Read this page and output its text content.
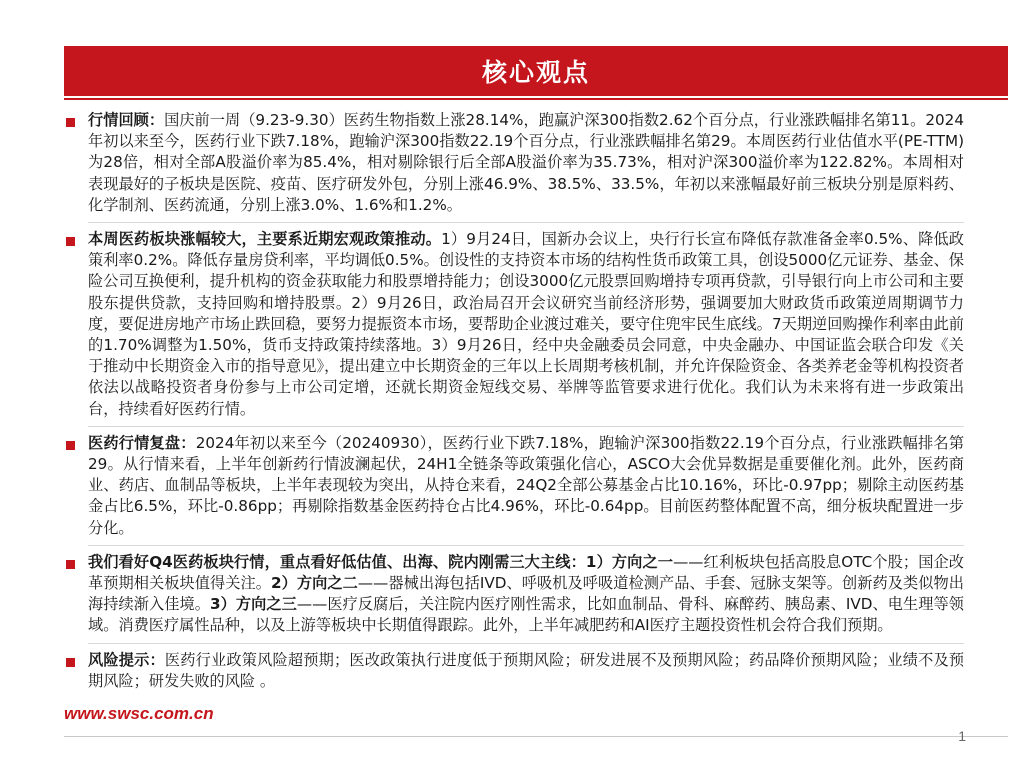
核心观点

行情回顾：国庆前一周（9.23-9.30）医药生物指数上涨28.14%，跑赢沪深300指数2.62个百分点，行业涨跌幅排名第11。2024年初以来至今，医药行业下跌7.18%，跑输沪深300指数22.19个百分点，行业涨跌幅排名第29。本周医药行业估值水平(PE-TTM)为28倍，相对全部A股溢价率为85.4%，相对剔除银行后全部A股溢价率为35.73%，相对沪深300溢价率为122.82%。本周相对表现最好的子板块是医院、疫苗、医疗研发外包，分别上涨46.9%、38.5%、33.5%，年初以来涨幅最好前三板块分别是原料药、化学制剂、医药流通，分别上涨3.0%、1.6%和1.2%。

本周医药板块涨幅较大，主要系近期宏观政策推动。1）9月24日，国新办会议上，央行行长宣布降低存款准备金率0.5%、降低政策利率0.2%。降低存量房贷利率，平均调低0.5%。创设性的支持资本市场的结构性货币政策工具，创设5000亿元证券、基金、保险公司互换便利，提升机构的资金获取能力和股票增持能力；创设3000亿元股票回购增持专项再贷款，引导银行向上市公司和主要股东提供贷款，支持回购和增持股票。2）9月26日，政治局召开会议研究当前经济形势，强调要加大财政货币政策逆周期调节力度，要促进房地产市场止跌回稳，要努力提振资本市场，要帮助企业渡过难关，要守住兜牢民生底线。7天期逆回购操作利率由此前的1.70%调整为1.50%，货币支持政策持续落地。3）9月26日，经中央金融委员会同意，中央金融办、中国证监会联合印发《关于推动中长期资金入市的指导意见》，提出建立中长期资金的三年以上长周期考核机制，并允许保险资金、各类养老金等机构投资者依法以战略投资者身份参与上市公司定增，还就长期资金短线交易、举牌等监管要求进行优化。我们认为未来将有进一步政策出台，持续看好医药行情。

医药行情复盘：2024年初以来至今（20240930），医药行业下跌7.18%，跑输沪深300指数22.19个百分点，行业涨跌幅排名第29。从行情来看，上半年创新药行情波澜起伏，24H1全链条等政策强化信心，ASCO大会优异数据是重要催化剂。此外，医药商业、药店、血制品等板块，上半年表现较为突出，从持仓来看，24Q2全部公募基金占比10.16%，环比-0.97pp；剔除主动医药基金占比6.5%，环比-0.86pp；再剔除指数基金医药持仓占比4.96%，环比-0.64pp。目前医药整体配置不高，细分板块配置进一步分化。

我们看好Q4医药板块行情，重点看好低估值、出海、院内刚需三大主线：1）方向之一——红利板块包括高股息OTC个股；国企改革预期相关板块值得关注。2）方向之二——器械出海包括IVD、呼吸机及呼吸道检测产品、手套、冠脉支架等。创新药及类似物出海持续渐入佳境。3）方向之三——医疗反腐后，关注院内医疗刚性需求，比如血制品、骨科、麻醉药、胰岛素、IVD、电生理等领域。消费医疗属性品种，以及上游等板块中长期值得跟踪。此外，上半年减肥药和AI医疗主题投资性机会符合我们预期。

风险提示：医药行业政策风险超预期；医改政策执行进度低于预期风险；研发进展不及预期风险；药品降价预期风险；业绩不及预期风险；研发失败的风险 。

www.swsc.com.cn
1
